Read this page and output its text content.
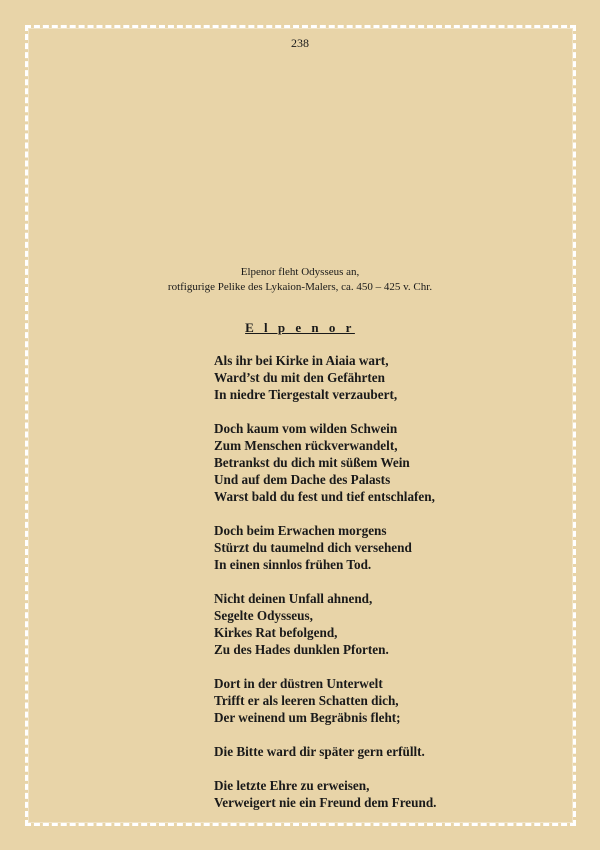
238
Elpenor fleht Odysseus an,
rotfigurige Pelike des Lykaion-Malers, ca. 450 – 425 v. Chr.
E l p e n o r
Als ihr bei Kirke in Aiaia wart,
Ward’st du mit den Gefährten
In niedre Tiergestalt verzaubert,
Doch kaum vom wilden Schwein
Zum Menschen rückverwandelt,
Betrankst du dich mit süßem Wein
Und auf dem Dache des Palasts
Warst bald du fest und tief entschlafen,
Doch beim Erwachen morgens
Stürzt du taumelnd dich versehend
In einen sinnlos frühen Tod.
Nicht deinen Unfall ahnend,
Segelte Odysseus,
Kirkes Rat befolgend,
Zu des Hades dunklen Pforten.
Dort in der düstren Unterwelt
Trifft er als leeren Schatten dich,
Der weinend um Begräbnis fleht;
Die Bitte ward dir später gern erfüllt.
Die letzte Ehre zu erweisen,
Verweigert nie ein Freund dem Freund.
